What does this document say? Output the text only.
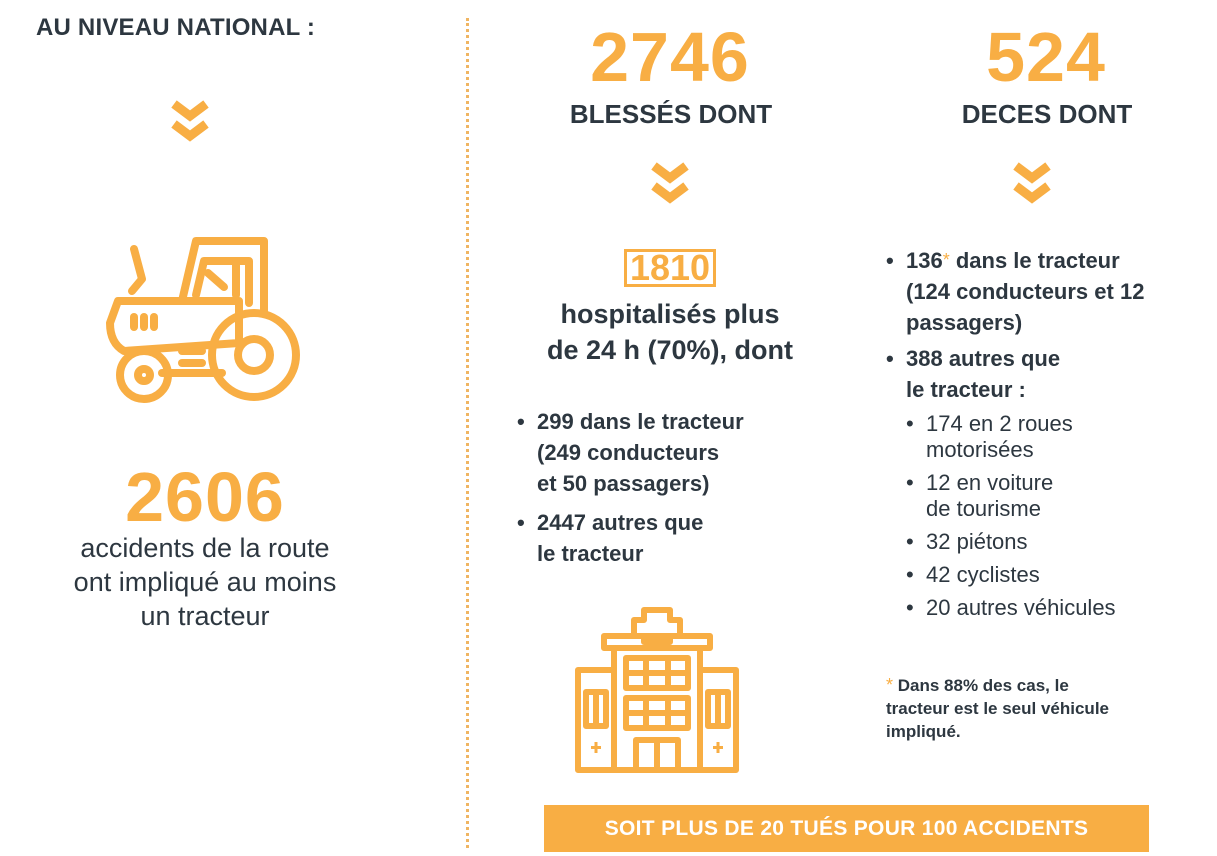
AU NIVEAU NATIONAL :
2606
accidents de la route
ont impliqué au moins
un tracteur
2746
BLESSÉS DONT
1810
hospitalisés plus
de 24 h (70%), dont
• 299 dans le tracteur
(249 conducteurs
et 50 passagers)
• 2447 autres que
le tracteur
524
DECES DONT
• 136* dans le tracteur
(124 conducteurs et 12
passagers)
• 388 autres que
le tracteur :
• 174 en 2 roues
motorisées
• 12 en voiture
de tourisme
• 32 piétons
• 42 cyclistes
• 20 autres véhicules
* Dans 88% des cas, le
tracteur est le seul véhicule
impliqué.
SOIT PLUS DE 20 TUÉS POUR 100 ACCIDENTS
